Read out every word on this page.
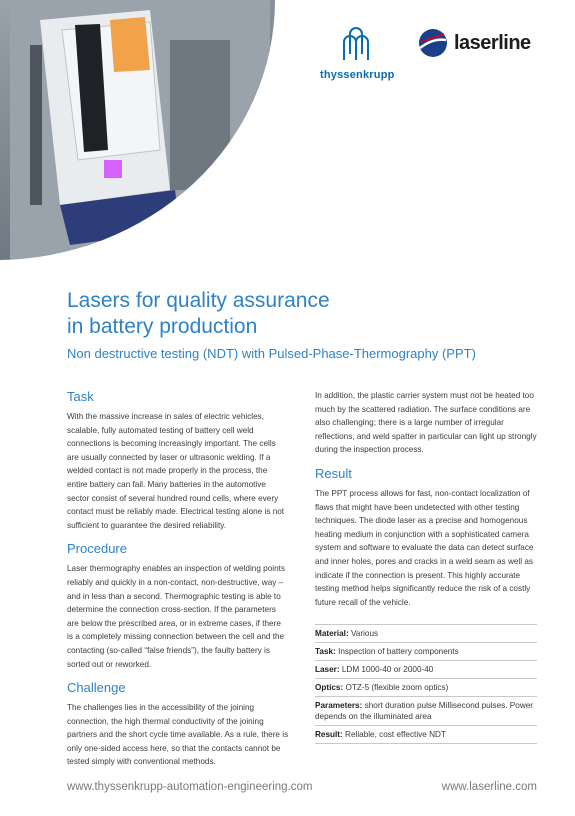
thyssenkrupp
laserline
Lasers for quality assurance
in battery production
Non destructive testing (NDT) with Pulsed-Phase-Thermography (PPT)
Task
With the massive increase in sales of electric vehicles, scalable, fully automated testing of battery cell weld connections is becoming increasingly important. The cells are usually connected by laser or ultrasonic welding. If a welded contact is not made properly in the process, the entire battery can fail. Many batteries in the automotive sector consist of several hundred round cells, where every contact must be reliably made. Electrical testing alone is not sufficient to guarantee the desired reliability.
Procedure
Laser thermography enables an inspection of welding points reliably and quickly in a non-contact, non-destructive, way – and in less than a second. Thermographic testing is able to determine the connection cross-section. If the parameters are below the prescribed area, or in extreme cases, if there is a completely missing connection between the cell and the contacting (so-called “false friends”), the faulty battery is sorted out or reworked.
Challenge
The challenges lies in the accessibility of the joining connection, the high thermal conductivity of the joining partners and the short cycle time available. As a rule, there is only one-sided access here, so that the contacts cannot be tested simply with conventional methods.
In addition, the plastic carrier system must not be heated too much by the scattered radiation. The surface conditions are also challenging; there is a large number of irregular reflections, and weld spatter in particular can light up strongly during the inspection process.
Result
The PPT process allows for fast, non-contact localization of flaws that might have been undetected with other testing techniques. The diode laser as a precise and homogenous heating medium in conjunction with a sophisticated camera system and software to evaluate the data can detect surface and inner holes, pores and cracks in a weld seam as well as indicate if the connection is present. This highly accurate testing method helps significantly reduce the risk of a costly future recall of the vehicle.
Material: Various
Task: Inspection of battery components
Laser: LDM 1000-40 or 2000-40
Optics: OTZ-5 (flexible zoom optics)
Parameters: short duration pulse Millisecond pulses. Power depends on the illuminated area
Result: Reliable, cost effective NDT
www.thyssenkrupp-automation-engineering.com	www.laserline.com
